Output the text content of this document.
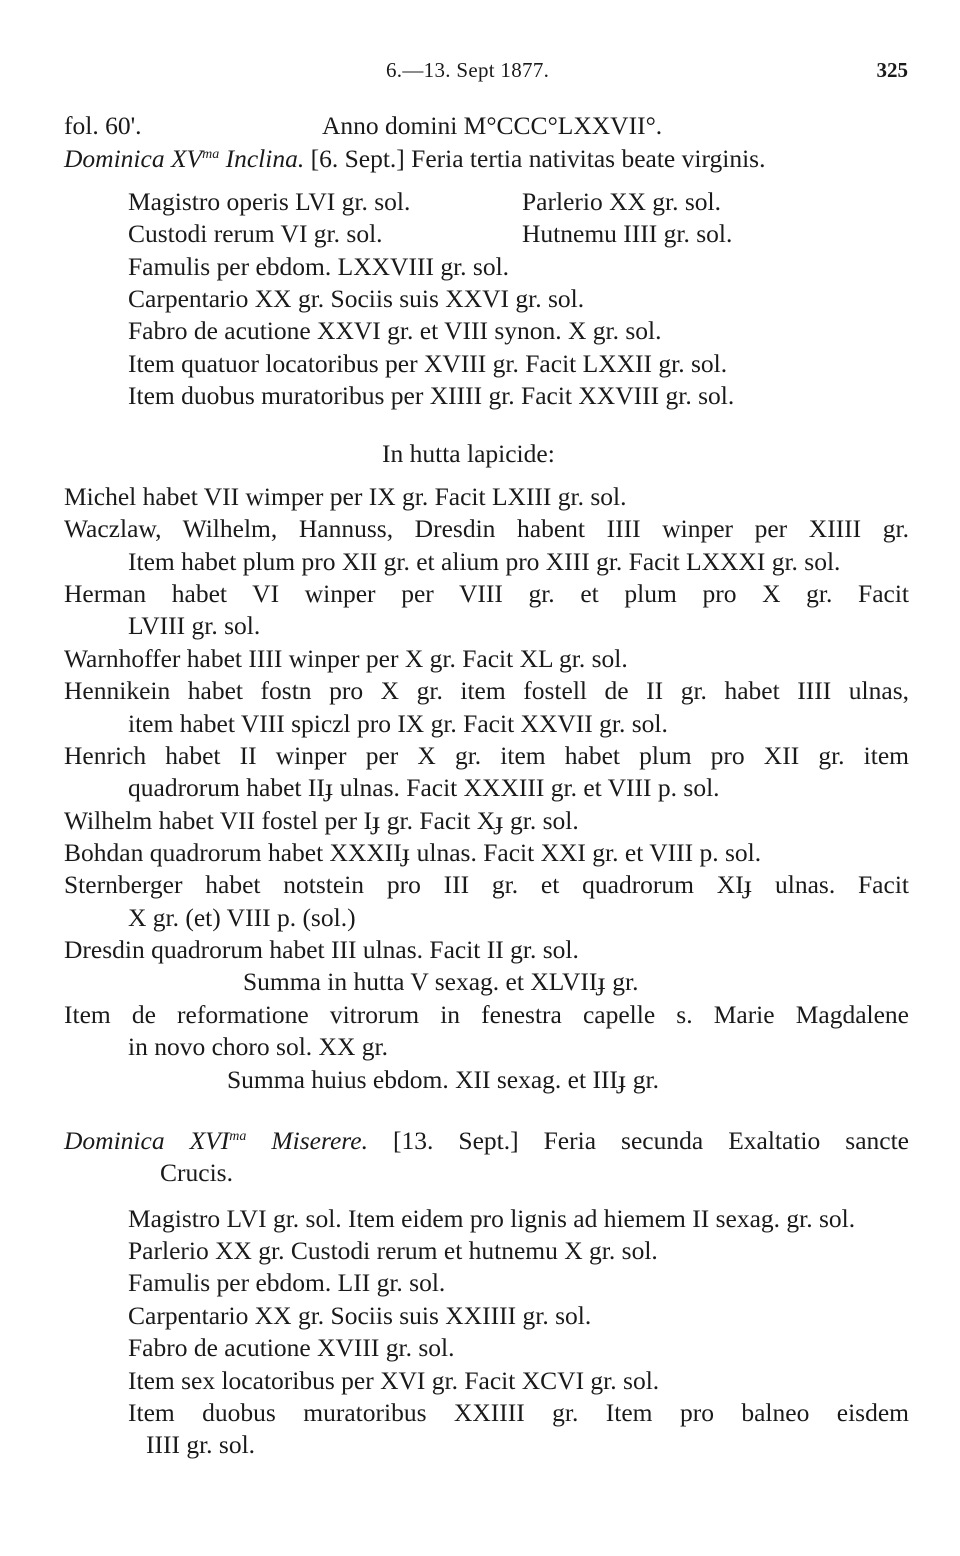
6.—13. Sept 1877.	325
fol. 60'.	Anno domini M°CCC°LXXVII°.
Dominica $XV^{ma}$ Inclina. [6. Sept.] Feria tertia nativitas beate virginis.
Magistro operis LVI gr. sol.	Parlerio XX gr. sol.
Custodi rerum VI gr. sol.	Hutnemu IIII gr. sol.
Famulis per ebdom. LXXVIII gr. sol.
Carpentario XX gr. Sociis suis XXVI gr. sol.
Fabro de acutione XXVI gr. et VIII synon. X gr. sol.
Item quatuor locatoribus per XVIII gr. Facit LXXII gr. sol.
Item duobus muratoribus per XIIII gr. Facit XXVIII gr. sol.
In hutta lapicide:
Michel habet VII wimper per IX gr. Facit LXIII gr. sol.
Waczlaw, Wilhelm, Hannuss, Dresdin habent IIII winper per XIIII gr.
Item habet plum pro XII gr. et alium pro XIII gr. Facit LXXXI gr. sol.
Herman habet VI winper per VIII gr. et plum pro X gr. Facit
LVIII gr. sol.
Warnhoffer habet IIII winper per X gr. Facit XL gr. sol.
Hennikein habet fostn pro X gr. item fostell de II gr. habet IIII ulnas,
item habet VIII spiczl pro IX gr. Facit XXVII gr. sol.
Henrich habet II winper per X gr. item habet plum pro XII gr. item
quadrorum habet IIɟ ulnas. Facit XXXIII gr. et VIII p. sol.
Wilhelm habet VII fostel per Iɟ gr. Facit Xɟ gr. sol.
Bohdan quadrorum habet XXXIIɟ ulnas. Facit XXI gr. et VIII p. sol.
Sternberger habet notstein pro III gr. et quadrorum XIɟ ulnas. Facit
X gr. (et) VIII p. (sol.)
Dresdin quadrorum habet III ulnas. Facit II gr. sol.
Summa in hutta V sexag. et XLVIIɟ gr.
Item de reformatione vitrorum in fenestra capelle s. Marie Magdalene
in novo choro sol. XX gr.
Summa huius ebdom. XII sexag. et IIIɟ gr.
Dominica $XVI^{ma}$ Miserere. [13. Sept.] Feria secunda Exaltatio sancte
Crucis.
Magistro LVI gr. sol. Item eidem pro lignis ad hiemem II sexag. gr. sol.
Parlerio XX gr. Custodi rerum et hutnemu X gr. sol.
Famulis per ebdom. LII gr. sol.
Carpentario XX gr. Sociis suis XXIIII gr. sol.
Fabro de acutione XVIII gr. sol.
Item sex locatoribus per XVI gr. Facit XCVI gr. sol.
Item duobus muratoribus XXIIII gr. Item pro balneo eisdem
IIII gr. sol.
